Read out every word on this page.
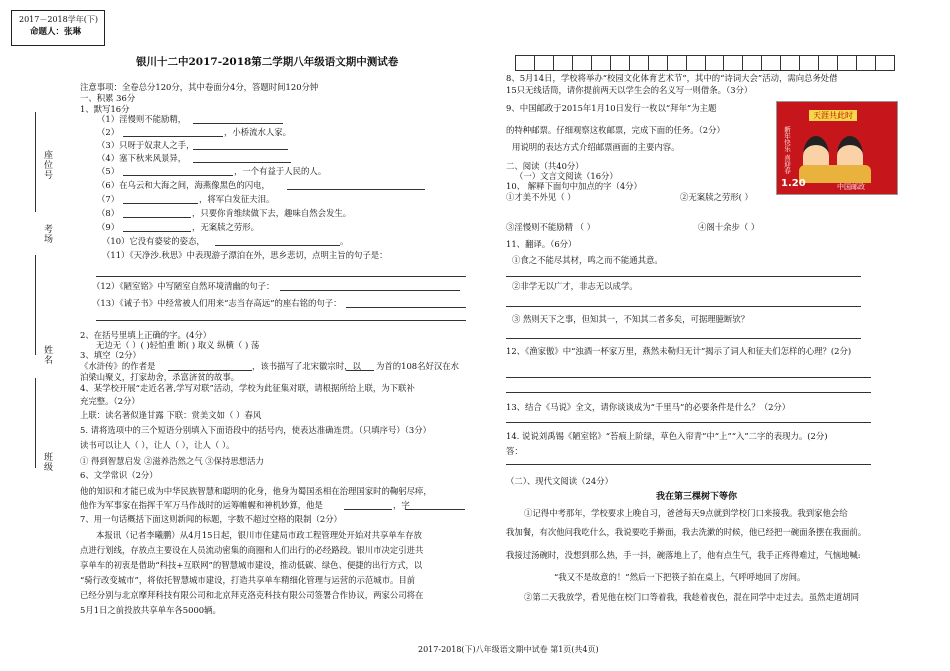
2017－2018学年(下)
命题人：张琳
银川十二中2017-2018第二学期八年级语文期中测试卷
座位号
考场
姓名
班级
注意事项：全卷总分120分，其中卷面分4分，答题时间120分钟
一、积累 36分
1、默写16分
（1）淫慢则不能励精，
（2）	，小桥流水人家。
（3）只呀于奴隶人之手，
（4）塞下秋来风景异，
（5）	，一个有益于人民的人。
（6）在乌云和大海之间，海燕像黑色的闪电，
（7）	，将军白发征夫泪。
（8）	，只要你肯维续做下去，趣味自然会发生。
（9）	，无案牍之劳形。
（10）它没有婆娑的姿态，	。
（11）《天净沙.秋思》中表现游子漂泊在外，思乡悲切，点明主旨的句子是：
（12）《陋室铭》中写陋室自然环境清幽的句子：
（13）《诫子书》中经常被人们用来“志当存高远”的座右铭的句子：
2、在括号里填上正确的字。(4分）
无边无（ ）( )轻怕重 断( ) 取义 纵横（ ) 荡
3、填空（2分）
《水浒传》的作者是	，该书描写了北宋徽宗时，以 为首的108名好汉在水
泊梁山聚义，打家劫舍，杀富济贫的故事。
4、某学校开展“走近名著,学写对联”活动，学校为此征集对联，请根据所给上联，为下联补
充完整。（2分）
上联：读名著似逢甘露 下联：赏美文如（ ）春风
5. 请将选项中的三个短语分别填入下面语段中的括号内，使表达准确连贯。（只填序号）（3分）
读书可以让人（ ），让人（ ），让人（ ）。
① 得到智慧启发 ②滋养浩然之气 ③保持思想活力
6、文学常识（2分）
他的知识和才能已成为中华民族智慧和聪明的化身，他身为蜀国丞相在治理国家时的鞠躬尽瘁，
他作为军事家在指挥千军万马作战时的运筹帷幄和神机妙算，他是	，字
7、用一句话概括下面这则新闻的标题，字数不超过空格的限制（2分）
本报讯（记者李曦鹏）从4月15日起，银川市住建局市政工程管理处开始对共享单车存放
点进行划线，存放点主要设在人员流动密集的商圈和人们出行的必经路段。银川市决定引进共
享单车的初衷是借助“科技+互联网”的智慧城市建设，推动低碳、绿色、便捷的出行方式，以
“骑行改变城市”，将依托智慧城市建设，打造共享单车精细化管理与运营的示范城市。目前
已经分别与北京摩拜科技有限公司和北京拜克洛克科技有限公司签署合作协议，两家公司将在
5月1日之前投放共享单车各5000辆。
8、5月14日，学校将举办“校园文化体育艺术节”，其中的“诗词大会”活动，需向总务处借
15只无线话筒，请你提前两天以学生会的名义写一则借条。（3分）
9、中国邮政于2015年1月10日发行一枚以“拜年”为主题
的特种邮票。仔细观察这枚邮票，完成下面的任务。（2分）
用说明的表达方式介绍邮票画面的主要内容。
二、阅读（共40分）
（一）文言文阅读（16分）
10、 解释下面句中加点的字（4分）
①才美不外见（ ）	②无案牍之劳形( ）
③淫慢则不能励精 （ ）	④阁十余步（ ）
11、翻译。（6分）
①食之不能尽其材，鸣之而不能通其意。
②非学无以广才，非志无以成学。
③ 然则天下之事，但知其一，不知其二者多矣，可据理臆断欤？
12、《渔家傲》中“浊酒一杯家万里，燕然未勒归无计”揭示了词人和征夫们怎样的心理？(2分)
13、结合《马说》全文，请你谈谈成为“千里马”的必要条件是什么？（2分）
14. 说说刘禹锡《陋室铭》“苔痕上阶绿，草色入帘青”中“上”“入”二字的表现力。(2分)
答：
（二）、现代文阅读（24分）
我在第三棵树下等你
①记得中考那年，学校要求上晚自习，爸爸每天9点就到学校门口来接我。我到家他会给
我加餐，有次他问我吃什么，我说要吃手擀面，我去洗漱的时候，他已经把一碗面条摆在我面前。
我接过汤碗时，没想到那么热，手一抖，碗落地上了，他有点生气，我手正疼得难过，气恼地喊:
“我又不是故意的！”然后一下把筷子拍在桌上，气呼呼地回了房间。
②第二天我放学，看见他在校门口等着我，我趁着夜色，混在同学中走过去。虽然走道胡同
天涯共此时
新年快乐 喜迎春
1.20	中国邮政
2017-2018(下)八年级语文期中试卷 第1页(共4页)
